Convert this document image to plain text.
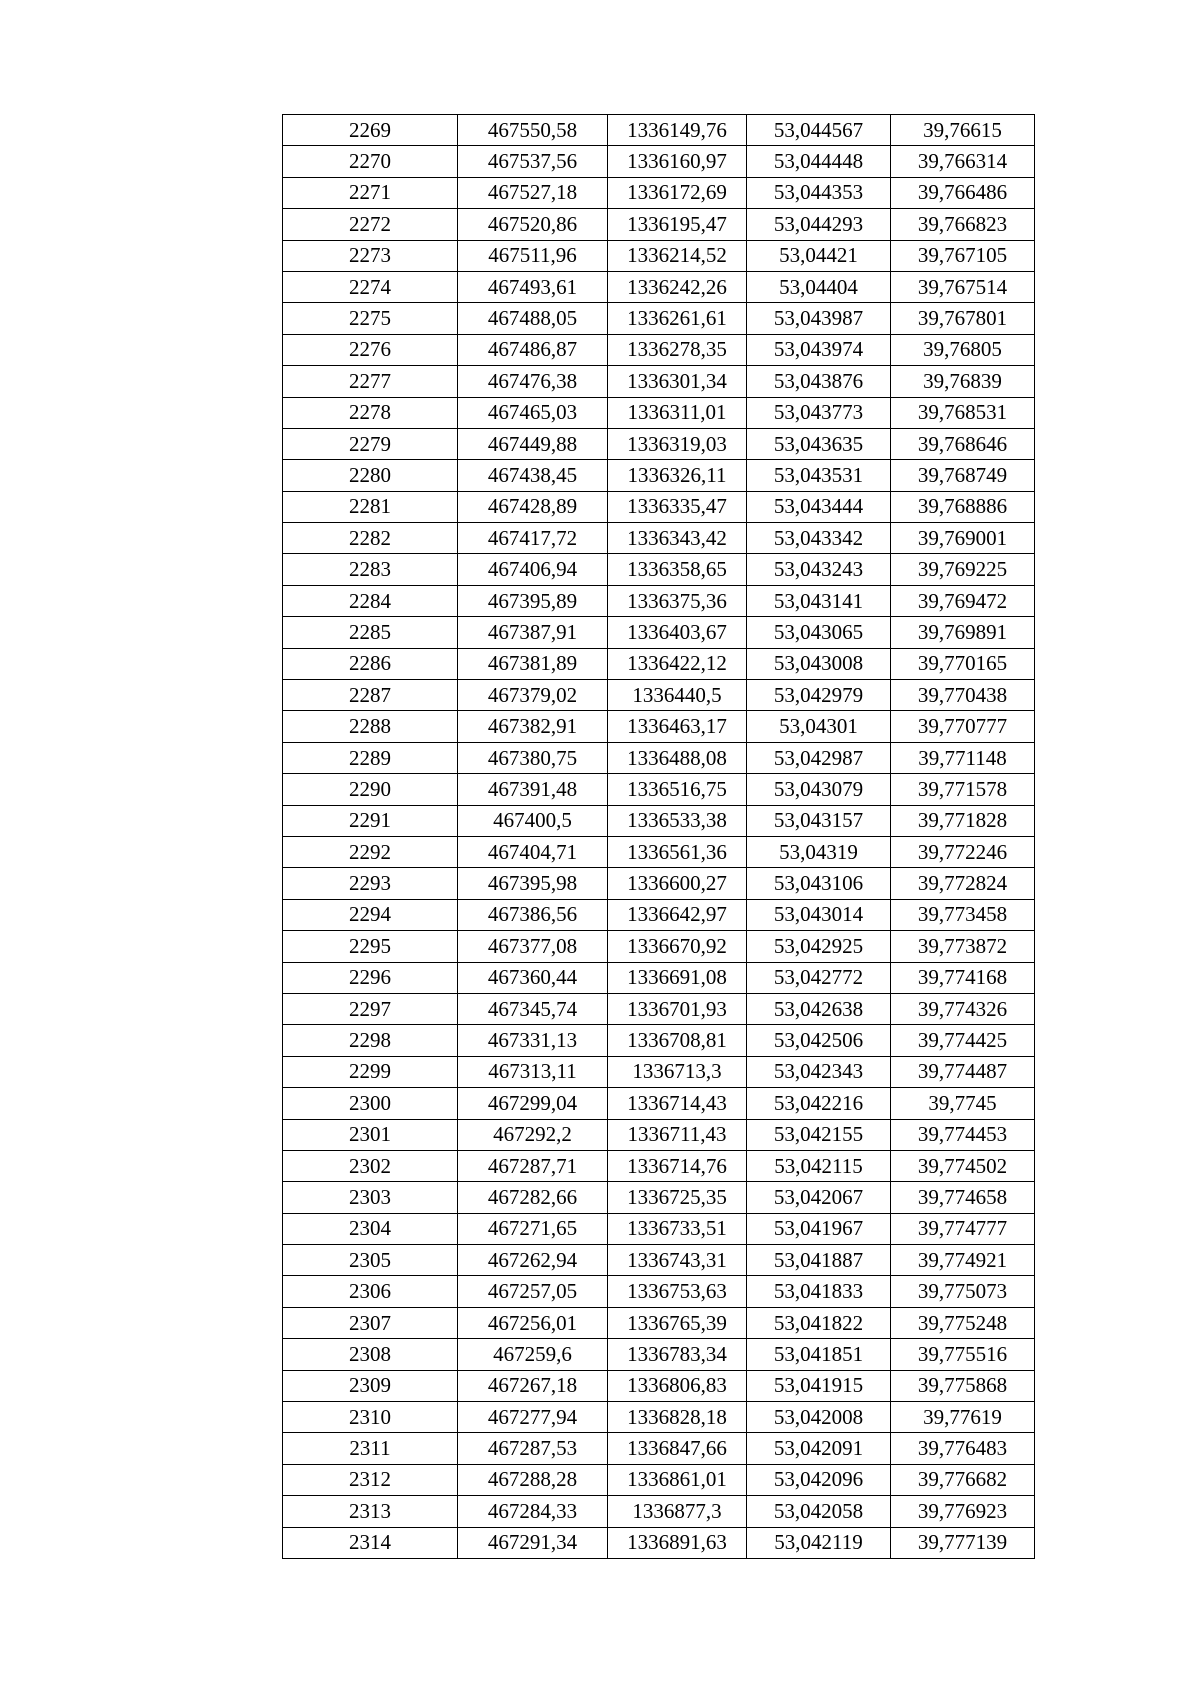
2269	467550,58	1336149,76	53,044567	39,76615
2270	467537,56	1336160,97	53,044448	39,766314
2271	467527,18	1336172,69	53,044353	39,766486
2272	467520,86	1336195,47	53,044293	39,766823
2273	467511,96	1336214,52	53,04421	39,767105
2274	467493,61	1336242,26	53,04404	39,767514
2275	467488,05	1336261,61	53,043987	39,767801
2276	467486,87	1336278,35	53,043974	39,76805
2277	467476,38	1336301,34	53,043876	39,76839
2278	467465,03	1336311,01	53,043773	39,768531
2279	467449,88	1336319,03	53,043635	39,768646
2280	467438,45	1336326,11	53,043531	39,768749
2281	467428,89	1336335,47	53,043444	39,768886
2282	467417,72	1336343,42	53,043342	39,769001
2283	467406,94	1336358,65	53,043243	39,769225
2284	467395,89	1336375,36	53,043141	39,769472
2285	467387,91	1336403,67	53,043065	39,769891
2286	467381,89	1336422,12	53,043008	39,770165
2287	467379,02	1336440,5	53,042979	39,770438
2288	467382,91	1336463,17	53,04301	39,770777
2289	467380,75	1336488,08	53,042987	39,771148
2290	467391,48	1336516,75	53,043079	39,771578
2291	467400,5	1336533,38	53,043157	39,771828
2292	467404,71	1336561,36	53,04319	39,772246
2293	467395,98	1336600,27	53,043106	39,772824
2294	467386,56	1336642,97	53,043014	39,773458
2295	467377,08	1336670,92	53,042925	39,773872
2296	467360,44	1336691,08	53,042772	39,774168
2297	467345,74	1336701,93	53,042638	39,774326
2298	467331,13	1336708,81	53,042506	39,774425
2299	467313,11	1336713,3	53,042343	39,774487
2300	467299,04	1336714,43	53,042216	39,7745
2301	467292,2	1336711,43	53,042155	39,774453
2302	467287,71	1336714,76	53,042115	39,774502
2303	467282,66	1336725,35	53,042067	39,774658
2304	467271,65	1336733,51	53,041967	39,774777
2305	467262,94	1336743,31	53,041887	39,774921
2306	467257,05	1336753,63	53,041833	39,775073
2307	467256,01	1336765,39	53,041822	39,775248
2308	467259,6	1336783,34	53,041851	39,775516
2309	467267,18	1336806,83	53,041915	39,775868
2310	467277,94	1336828,18	53,042008	39,77619
2311	467287,53	1336847,66	53,042091	39,776483
2312	467288,28	1336861,01	53,042096	39,776682
2313	467284,33	1336877,3	53,042058	39,776923
2314	467291,34	1336891,63	53,042119	39,777139
